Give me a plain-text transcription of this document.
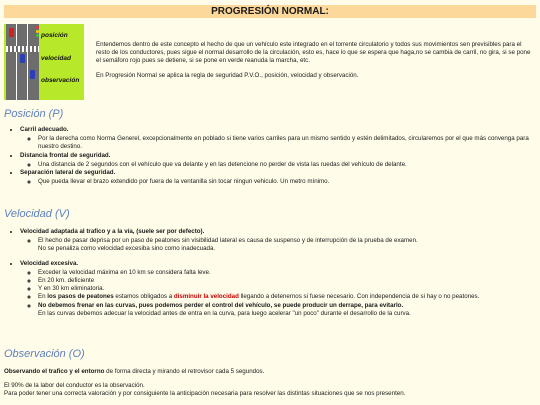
PROGRESIÓN NORMAL:
posición
velocidad
observación

Entendemos dentro de este concepto el hecho de que un vehículo este integrado en el torrente circulatorio y todos sus movimientos sen previsibles para el resto de los conductores, pues sigue el normal desarrollo de la circulación, esto es, hace lo que se espera que haga,no se cambia de carril, no gira, si se pone el semáforo rojo pues se detiene, si se pone en verde reanuda la marcha, etc.

En Progresión Normal se aplica la regla de seguridad P.V.O., posición, velocidad y observación.

Posición (P)
• Carril adecuado.
◦ Por la derecha como Norma Generel, excepcionalmente en poblado si tiene varios carriles para un mismo sentido y estén delimitados, circularemos por el que más convenga para nuestro destino.
• Distancia frontal de seguridad.
◦ Una distancia de 2 segundos con el vehículo que va delante y en las detencione no perder de vista las ruedas del vehículo de delante.
• Separación lateral de seguridad.
◦ Que pueda llevar el brazo extendido por fuera de la ventanilla sin tocar ningun vehiculo. Un metro mínimo.
Velocidad (V)
• Velocidad adaptada al trafico y a la vía, (suele ser por defecto).
◦ El hecho de pasar deprisa por un paso de peatones sin visibilidad lateral es causa de suspenso y de interrupción de la prueba de examen.
No se penaliza como velocidad excesiba sino como inadecuada.
• Velocidad excesiva.
◦ Exceder la velocidad máxima en 10 km se considera falta leve.
◦ En 20 km. deficiente
◦ Y en 30 km eliminatoria.
◦ En los pasos de peatones estamos obligados a disminuir la velocidad llegando a detenernos si fuese necesario. Con independencia de si hay o no peatones.
◦ No debemos frenar en las curvas, pues podemos perder el control del vehículo, se puede producir un derrape, para evitarlo.
En las curvas debemos adecuar la velocidad antes de entra en la curva, para luego acelerar "un poco" durante el desarrollo de la curva.
Observación (O)

Observando el trafico y el entorno de forma directa y mirando el retrovisor cada 5 segundos.

El 90% de la labor del conductor es la observación.

Para poder tener una correcta valoración y por consiguiente la anticipación necesaria para resolver las distintas situaciones que se nos presenten.
